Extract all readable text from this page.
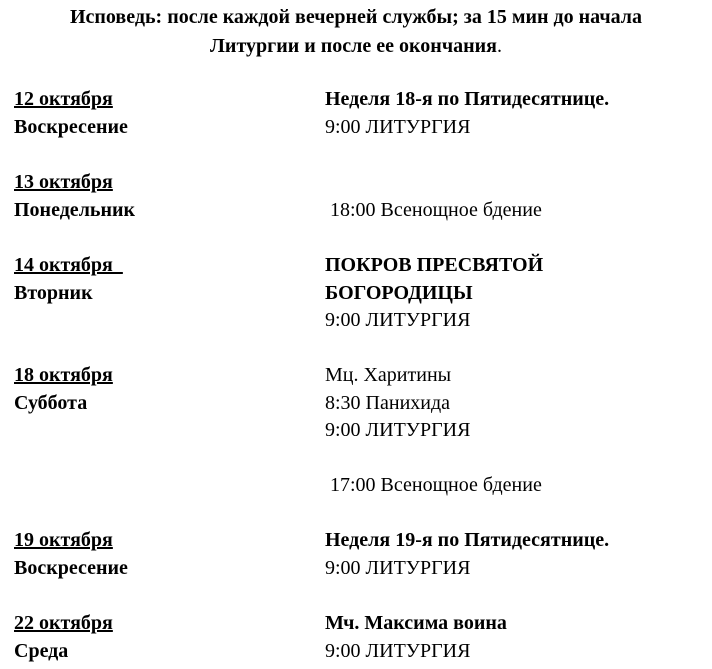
Исповедь: после каждой вечерней службы; за 15 мин до начала
Литургии и после ее окончания.
12 октября
Воскресение
Неделя 18-я по Пятидесятнице.
9:00 ЛИТУРГИЯ
13 октября
Понедельник	18:00 Всенощное бдение
14 октября
Вторник
ПОКРОВ ПРЕСВЯТОЙ
БОГОРОДИЦЫ
9:00 ЛИТУРГИЯ
18 октября
Суббота
Мц. Харитины
8:30 Панихида
9:00 ЛИТУРГИЯ
17:00 Всенощное бдение
19 октября
Воскресение
Неделя 19-я по Пятидесятнице.
9:00 ЛИТУРГИЯ
22 октября
Среда
Мч. Максима воина
9:00 ЛИТУРГИЯ
